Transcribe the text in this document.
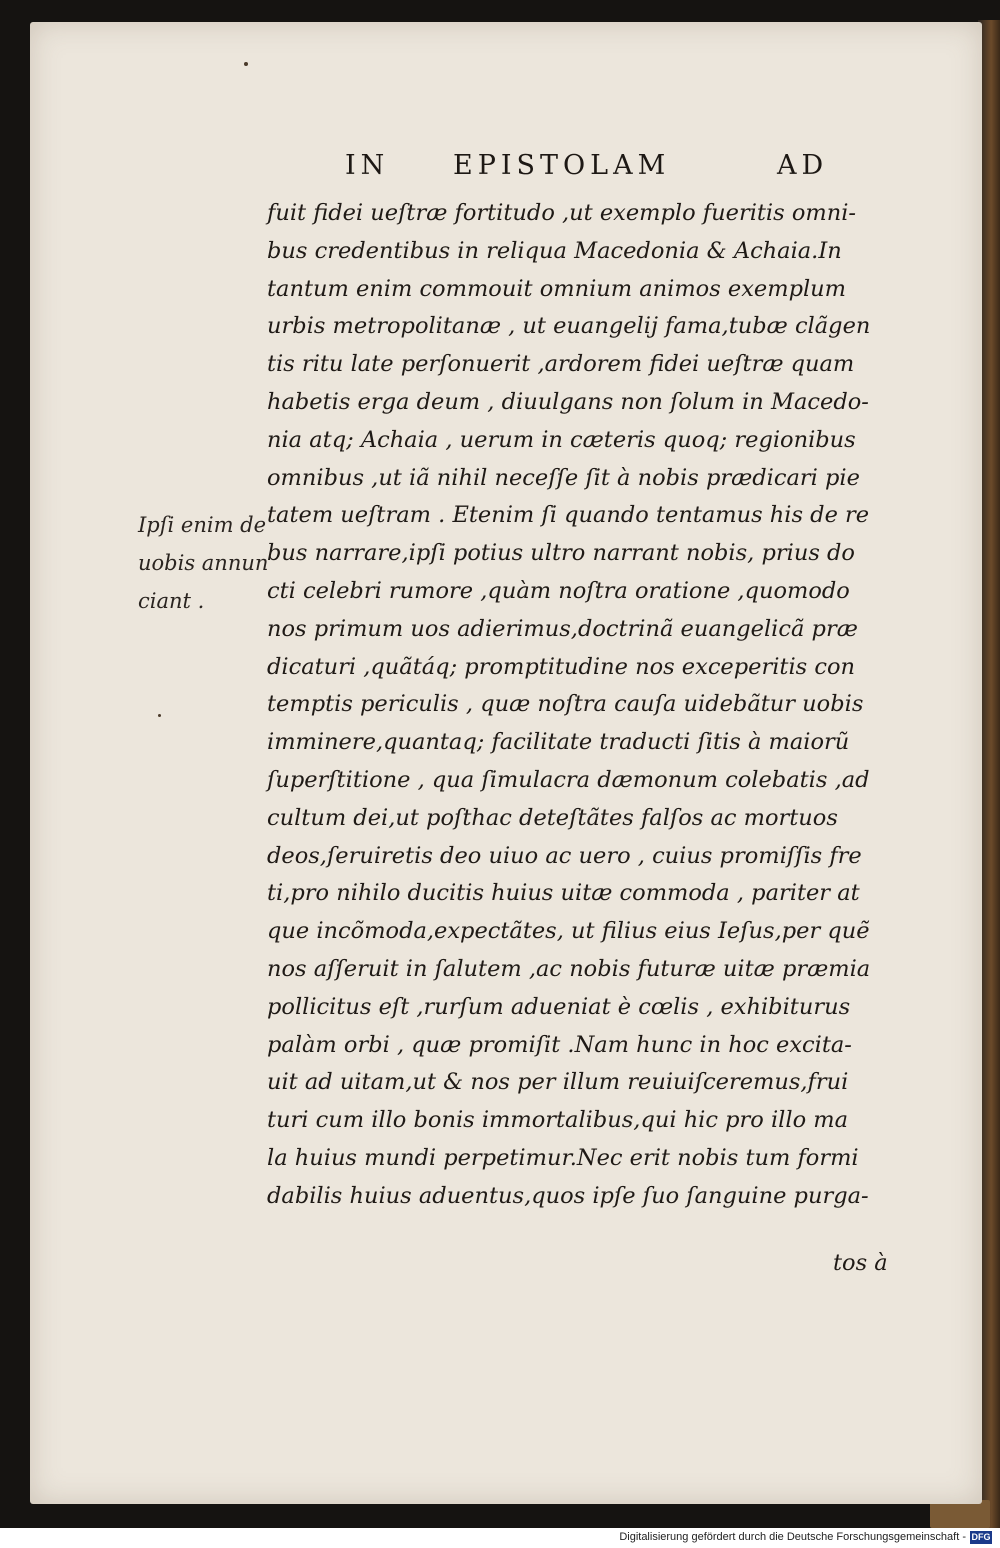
IN EPISTOLAM	AD
Ipſi enim de
uobis annun
ciant .
fuit fidei ueſtræ fortitudo ,ut exemplo fueritis omni-
bus credentibus in reliqua Macedonia & Achaia.In
tantum enim commouit omnium animos exemplum
urbis metropolitanæ , ut euangelij fama,tubæ clãgen
tis ritu late perſonuerit ,ardorem fidei ueſtræ quam
habetis erga deum , diuulgans non ſolum in Macedo-
nia atq; Achaia , uerum in cæteris quoq; regionibus
omnibus ,ut iã nihil neceſſe ſit à nobis prædicari pie
tatem ueſtram . Etenim ſi quando tentamus his de re
bus narrare,ipſi potius ultro narrant nobis, prius do
cti celebri rumore ,quàm noſtra oratione ,quomodo
nos primum uos adierimus,doctrinã euangelicã præ
dicaturi ,quãtáq; promptitudine nos exceperitis con
temptis periculis , quæ noſtra cauſa uidebãtur uobis
imminere,quantaq; facilitate traducti ſitis à maiorũ
ſuperſtitione , qua ſimulacra dæmonum colebatis ,ad
cultum dei,ut poſthac deteſtãtes falſos ac mortuos
deos,ſeruiretis deo uiuo ac uero , cuius promiſſis fre
ti,pro nihilo ducitis huius uitæ commoda , pariter at
que incõmoda,expectãtes, ut filius eius Ieſus,per quẽ
nos aſſeruit in ſalutem ,ac nobis futuræ uitæ præmia
pollicitus eſt ,rurſum adueniat è cœlis , exhibiturus
palàm orbi , quæ promiſit .Nam hunc in hoc excita-
uit ad uitam,ut & nos per illum reuiuiſceremus,frui
turi cum illo bonis immortalibus,qui hic pro illo ma
la huius mundi perpetimur.Nec erit nobis tum formi
dabilis huius aduentus,quos ipſe ſuo ſanguine purga-
tos à
Digitalisierung gefördert durch die Deutsche Forschungsgemeinschaft - DFG
